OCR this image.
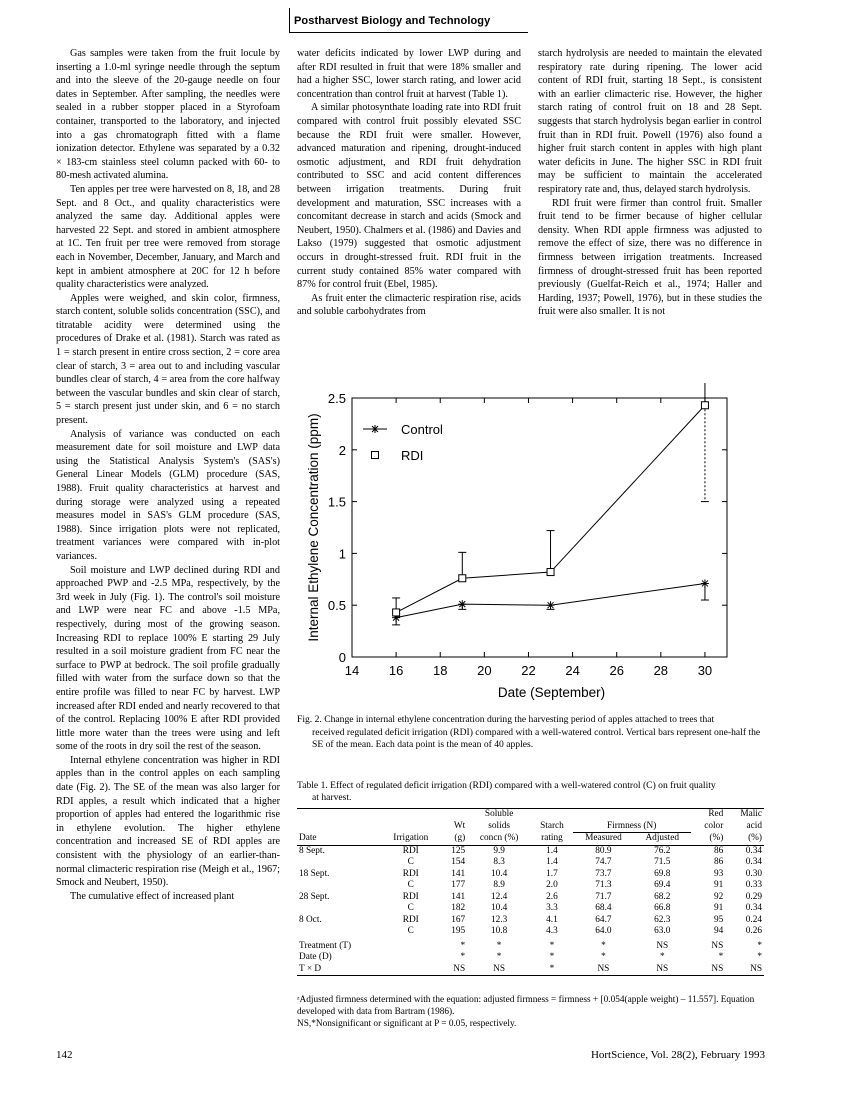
Postharvest Biology and Technology

Gas samples were taken from the fruit locule by inserting a 1.0-ml syringe needle through the septum and into the sleeve of the 20-gauge needle on four dates in September. After sampling, the needles were sealed in a rubber stopper placed in a Styrofoam container, transported to the laboratory, and injected into a gas chromatograph fitted with a flame ionization detector. Ethylene was separated by a 0.32 × 183-cm stainless steel column packed with 60- to 80-mesh activated alumina.

Ten apples per tree were harvested on 8, 18, and 28 Sept. and 8 Oct., and quality characteristics were analyzed the same day. Additional apples were harvested 22 Sept. and stored in ambient atmosphere at 1C. Ten fruit per tree were removed from storage each in November, December, January, and March and kept in ambient atmosphere at 20C for 12 h before quality characteristics were analyzed.

Apples were weighed, and skin color, firmness, starch content, soluble solids concentration (SSC), and titratable acidity were determined using the procedures of Drake et al. (1981). Starch was rated as 1 = starch present in entire cross section, 2 = core area clear of starch, 3 = area out to and including vascular bundles clear of starch, 4 = area from the core halfway between the vascular bundles and skin clear of starch, 5 = starch present just under skin, and 6 = no starch present.

Analysis of variance was conducted on each measurement date for soil moisture and LWP data using the Statistical Analysis System's (SAS's) General Linear Models (GLM) procedure (SAS, 1988). Fruit quality characteristics at harvest and during storage were analyzed using a repeated measures model in SAS's GLM procedure (SAS, 1988). Since irrigation plots were not replicated, treatment variances were compared with in-plot variances.

Soil moisture and LWP declined during RDI and approached PWP and -2.5 MPa, respectively, by the 3rd week in July (Fig. 1). The control's soil moisture and LWP were near FC and above -1.5 MPa, respectively, during most of the growing season. Increasing RDI to replace 100% E starting 29 July resulted in a soil moisture gradient from FC near the surface to PWP at bedrock. The soil profile gradually filled with water from the surface down so that the entire profile was filled to near FC by harvest. LWP increased after RDI ended and nearly recovered to that of the control. Replacing 100% E after RDI provided little more water than the trees were using and left some of the roots in dry soil the rest of the season.

Internal ethylene concentration was higher in RDI apples than in the control apples on each sampling date (Fig. 2). The SE of the mean was also larger for RDI apples, a result which indicated that a higher proportion of apples had entered the logarithmic rise in ethylene evolution. The higher ethylene concentration and increased SE of RDI apples are consistent with the physiology of an earlier-than-normal climacteric respiration rise (Meigh et al., 1967; Smock and Neubert, 1950).

The cumulative effect of increased plant

water deficits indicated by lower LWP during and after RDI resulted in fruit that were 18% smaller and had a higher SSC, lower starch rating, and lower acid concentration than control fruit at harvest (Table 1).

A similar photosynthate loading rate into RDI fruit compared with control fruit possibly elevated SSC because the RDI fruit were smaller. However, advanced maturation and ripening, drought-induced osmotic adjustment, and RDI fruit dehydration contributed to SSC and acid content differences between irrigation treatments. During fruit development and maturation, SSC increases with a concomitant decrease in starch and acids (Smock and Neubert, 1950). Chalmers et al. (1986) and Davies and Lakso (1979) suggested that osmotic adjustment occurs in drought-stressed fruit. RDI fruit in the current study contained 85% water compared with 87% for control fruit (Ebel, 1985).

As fruit enter the climacteric respiration rise, acids and soluble carbohydrates from

starch hydrolysis are needed to maintain the elevated respiratory rate during ripening. The lower acid content of RDI fruit, starting 18 Sept., is consistent with an earlier climacteric rise. However, the higher starch rating of control fruit on 18 and 28 Sept. suggests that starch hydrolysis began earlier in control fruit than in RDI fruit. Powell (1976) also found a higher fruit starch content in apples with high plant water deficits in June. The higher SSC in RDI fruit may be sufficient to maintain the accelerated respiratory rate and, thus, delayed starch hydrolysis.

RDI fruit were firmer than control fruit. Smaller fruit tend to be firmer because of higher cellular density. When RDI apple firmness was adjusted to remove the effect of size, there was no difference in firmness between irrigation treatments. Increased firmness of drought-stressed fruit has been reported previously (Guelfat-Reich et al., 1974; Haller and Harding, 1937; Powell, 1976), but in these studies the fruit were also smaller. It is not

0
0.5
1
1.5
2
2.5
14 16 18 20 22 24 26 28 30
Date (September)
Internal Ethylene Concentration (ppm)	Control
RDI
Fig. 2. Change in internal ethylene concentration during the harvesting period of apples attached to trees that
received regulated deficit irrigation (RDI) compared with a well-watered control. Vertical bars represent one-half the SE of the mean. Each data point is the mean of 40 apples.
Table 1. Effect of regulated deficit irrigation (RDI) compared with a well-watered control (C) on fruit quality
at harvest.
			Soluble				Red	Malic
		Wt	solids	Starch	Firmness (N)		color	acid
Date	Irrigation	(g)	concn (%)	rating	Measured	Adjusted	(%)	(%)
8 Sept.	RDI	125	9.9	1.4	80.9	76.2	86	0.34
	C	154	8.3	1.4	74.7	71.5	86	0.34
18 Sept.	RDI	141	10.4	1.7	73.7	69.8	93	0.30
	C	177	8.9	2.0	71.3	69.4	91	0.33
28 Sept.	RDI	141	12.4	2.6	71.7	68.2	92	0.29
	C	182	10.4	3.3	68.4	66.8	91	0.34
8 Oct.	RDI	167	12.3	4.1	64.7	62.3	95	0.24
	C	195	10.8	4.3	64.0	63.0	94	0.26
Treatment (T)		*	*	*	*	NS	NS	*
Date (D)		*	*	*	*	*	*	*
T × D		NS	NS	*	NS	NS	NS	NS
ᶻAdjusted firmness determined with the equation: adjusted firmness = firmness + [0.054(apple weight) – 11.557]. Equation developed with data from Bartram (1986).
NS,*Nonsignificant or significant at P = 0.05, respectively.
142	HortScience, Vol. 28(2), February 1993
